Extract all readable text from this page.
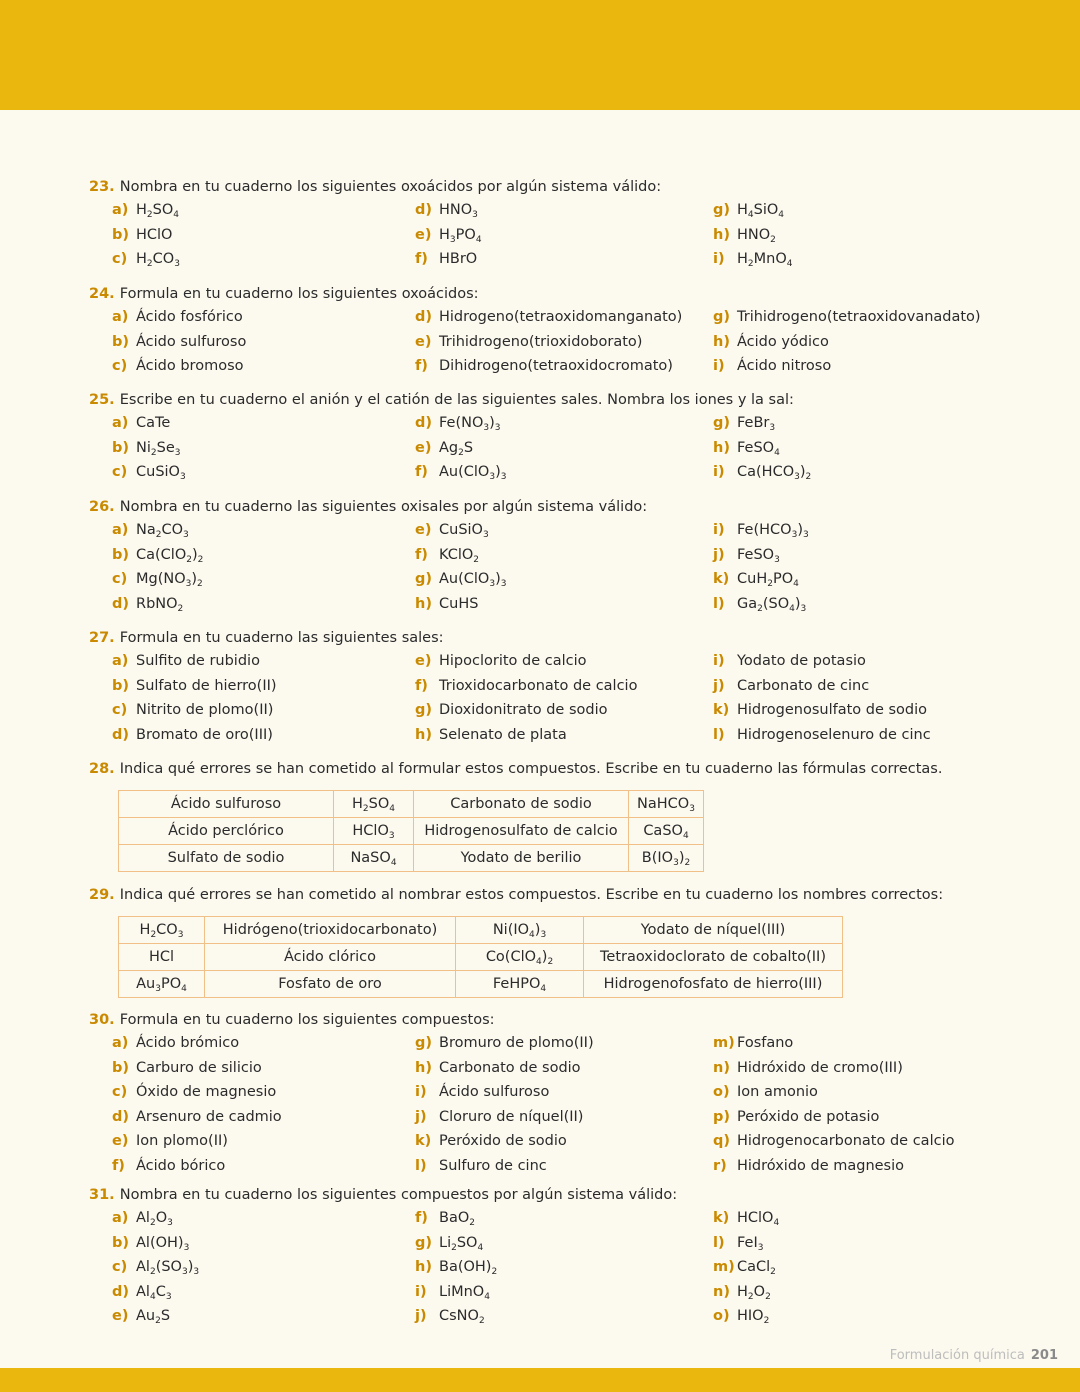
23. Nombra en tu cuaderno los siguientes oxoácidos por algún sistema válido:
a) $H_2SO_4$
b) HClO
c) $H_2CO_3$
d) $HNO_3$
e) $H_3PO_4$
f) HBrO
g) $H_4SiO_4$
h) $HNO_2$
i) $H_2MnO_4$
24. Formula en tu cuaderno los siguientes oxoácidos:
a) Ácido fosfórico
b) Ácido sulfuroso
c) Ácido bromoso
d) Hidrogeno(tetraoxidomanganato)
e) Trihidrogeno(trioxidoborato)
f) Dihidrogeno(tetraoxidocromato)
g) Trihidrogeno(tetraoxidovanadato)
h) Ácido yódico
i) Ácido nitroso
25. Escribe en tu cuaderno el anión y el catión de las siguientes sales. Nombra los iones y la sal:
a) CaTe
b) $Ni_2Se_3$
c) CuSiO$_3$
d) $Fe(NO_3)_3$
e) $Ag_2S$
f) $Au(ClO_3)_3$
g) FeBr$_3$
h) FeSO$_4$
i) $Ca(HCO_3)_2$
26. Nombra en tu cuaderno las siguientes oxisales por algún sistema válido:
a) $Na_2CO_3$
b) $Ca(ClO_2)_2$
c) $Mg(NO_3)_2$
d) RbNO$_2$
e) CuSiO$_3$
f) KClO$_2$
g) $Au(ClO_3)_3$
h) CuHS
i) $Fe(HCO_3)_3$
j) FeSO$_3$
k) $CuH_2PO_4$
l) $Ga_2(SO_4)_3$
27. Formula en tu cuaderno las siguientes sales:
a) Sulfito de rubidio
b) Sulfato de hierro(II)
c) Nitrito de plomo(II)
d) Bromato de oro(III)
e) Hipoclorito de calcio
f) Trioxidocarbonato de calcio
g) Dioxidonitrato de sodio
h) Selenato de plata
i) Yodato de potasio
j) Carbonato de cinc
k) Hidrogenosulfato de sodio
l) Hidrogenoselenuro de cinc
28. Indica qué errores se han cometido al formular estos compuestos. Escribe en tu cuaderno las fórmulas correctas.
Ácido sulfuroso	$H_2SO_4$	Carbonato de sodio	NaHCO$_3$
Ácido perclórico	HClO$_3$	Hidrogenosulfato de calcio	CaSO$_4$
Sulfato de sodio	NaSO$_4$	Yodato de berilio	$B(IO_3)_2$
29. Indica qué errores se han cometido al nombrar estos compuestos. Escribe en tu cuaderno los nombres correctos:
$H_2CO_3$	Hidrógeno(trioxidocarbonato)	$Ni(IO_4)_3$	Yodato de níquel(III)
HCl	Ácido clórico	$Co(ClO_4)_2$	Tetraoxidoclorato de cobalto(II)
$Au_3PO_4$	Fosfato de oro	FeHPO$_4$	Hidrogenofosfato de hierro(III)
30. Formula en tu cuaderno los siguientes compuestos:
a) Ácido brómico
b) Carburo de silicio
c) Óxido de magnesio
d) Arsenuro de cadmio
e) Ion plomo(II)
f) Ácido bórico
g) Bromuro de plomo(II)
h) Carbonato de sodio
i) Ácido sulfuroso
j) Cloruro de níquel(II)
k) Peróxido de sodio
l) Sulfuro de cinc
m) Fosfano
n) Hidróxido de cromo(III)
o) Ion amonio
p) Peróxido de potasio
q) Hidrogenocarbonato de calcio
r) Hidróxido de magnesio
31. Nombra en tu cuaderno los siguientes compuestos por algún sistema válido:
a) $Al_2O_3$
b) $Al(OH)_3$
c) $Al_2(SO_3)_3$
d) $Al_4C_3$
e) $Au_2S$
f) BaO$_2$
g) $Li_2SO_4$
h) $Ba(OH)_2$
i) LiMnO$_4$
j) CsNO$_2$
k) HClO$_4$
l) FeI$_3$
m) CaCl$_2$
n) $H_2O_2$
o) $HIO_2$
Formulación química 201
